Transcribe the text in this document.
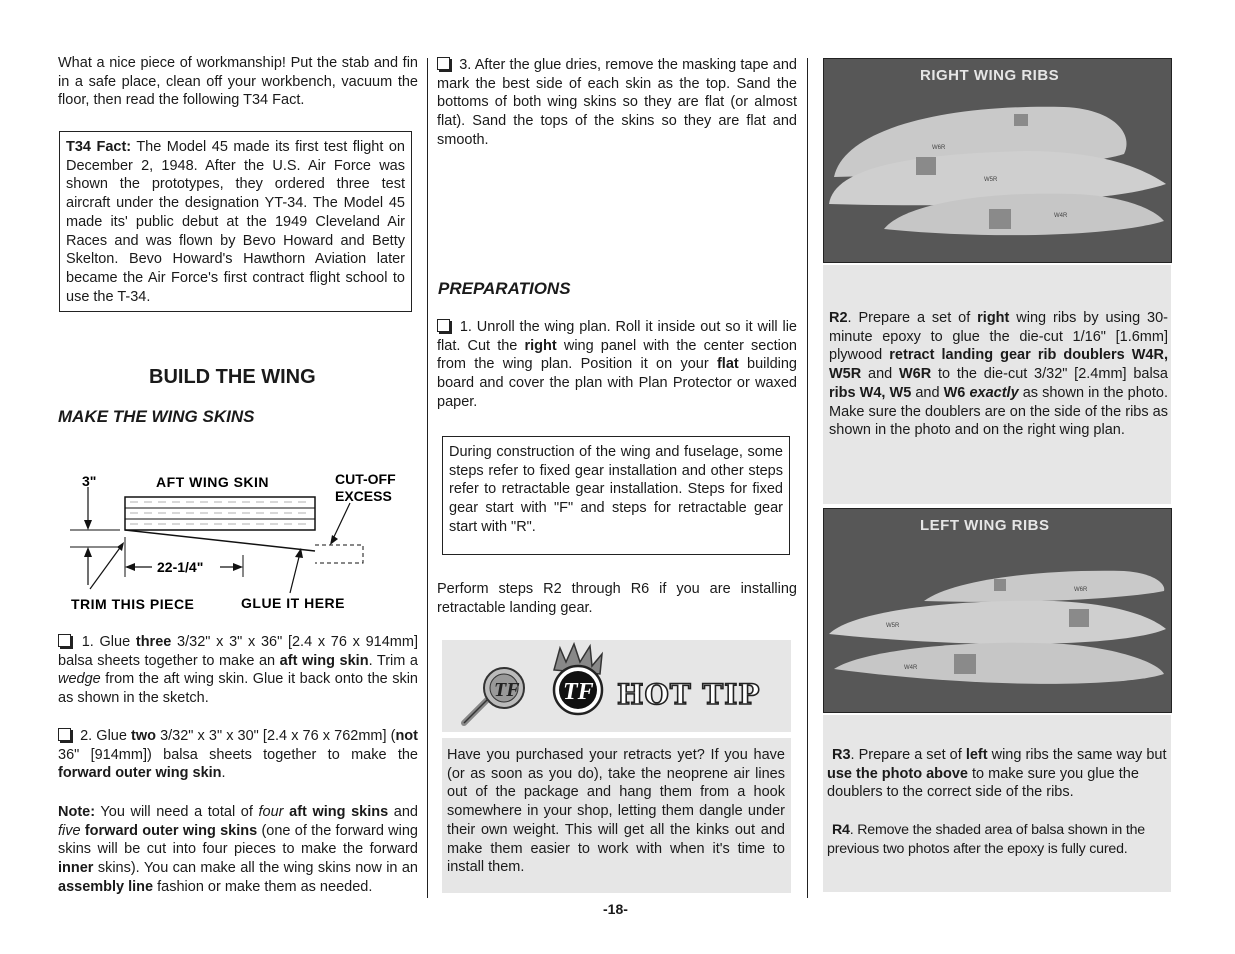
What a nice piece of workmanship! Put the stab and fin in a safe place, clean off your workbench, vacuum the floor, then read the following T34 Fact.

T34 Fact: The Model 45 made its first test flight on December 2, 1948. After the U.S. Air Force was shown the prototypes, they ordered three test aircraft under the designation YT-34. The Model 45 made its' public debut at the 1949 Cleveland Air Races and was flown by Bevo Howard and Betty Skelton. Bevo Howard's Hawthorn Aviation later became the Air Force's first contract flight school to use the T-34.
BUILD THE WING
MAKE THE WING SKINS
3"	AFT WING SKIN	CUT-OFF
EXCESS
22-1/4"
TRIM THIS PIECE	GLUE IT HERE

1. Glue three 3/32" x 3" x 36" [2.4 x 76 x 914mm] balsa sheets together to make an aft wing skin. Trim a wedge from the aft wing skin. Glue it back onto the skin as shown in the sketch.

2. Glue two 3/32" x 3" x 30" [2.4 x 76 x 762mm] (not 36" [914mm]) balsa sheets together to make the forward outer wing skin.

Note: You will need a total of four aft wing skins and five forward outer wing skins (one of the forward wing skins will be cut into four pieces to make the forward inner skins). You can make all the wing skins now in an assembly line fashion or make them as needed.

3. After the glue dries, remove the masking tape and mark the best side of each skin as the top. Sand the bottoms of both wing skins so they are flat (or almost flat). Sand the tops of the skins so they are flat and smooth.

PREPARATIONS

1. Unroll the wing plan. Roll it inside out so it will lie flat. Cut the right wing panel with the center section from the wing plan. Position it on your flat building board and cover the plan with Plan Protector or waxed paper.

During construction of the wing and fuselage, some steps refer to fixed gear installation and other steps refer to retractable gear installation. Steps for fixed gear start with "F" and steps for retractable gear start with "R".

Perform steps R2 through R6 if you are installing retractable landing gear.

TF TF HOT TIP
Have you purchased your retracts yet? If you have (or as soon as you do), take the neoprene air lines out of the package and hang them from a hook somewhere in your shop, letting them dangle under their own weight. This will get all the kinks out and make them easier to work with when it's time to install them.
RIGHT WING RIBS
W6R
W5R
W4R
R2. Prepare a set of right wing ribs by using 30-minute epoxy to glue the die-cut 1/16" [1.6mm] plywood retract landing gear rib doublers W4R, W5R and W6R to the die-cut 3/32" [2.4mm] balsa ribs W4, W5 and W6 exactly as shown in the photo. Make sure the doublers are on the side of the ribs as shown in the photo and on the right wing plan.
LEFT WING RIBS
W6R
W5R
W4R
R3. Prepare a set of left wing ribs the same way but use the photo above to make sure you glue the doublers to the correct side of the ribs.
R4. Remove the shaded area of balsa shown in the previous two photos after the epoxy is fully cured.
-18-
